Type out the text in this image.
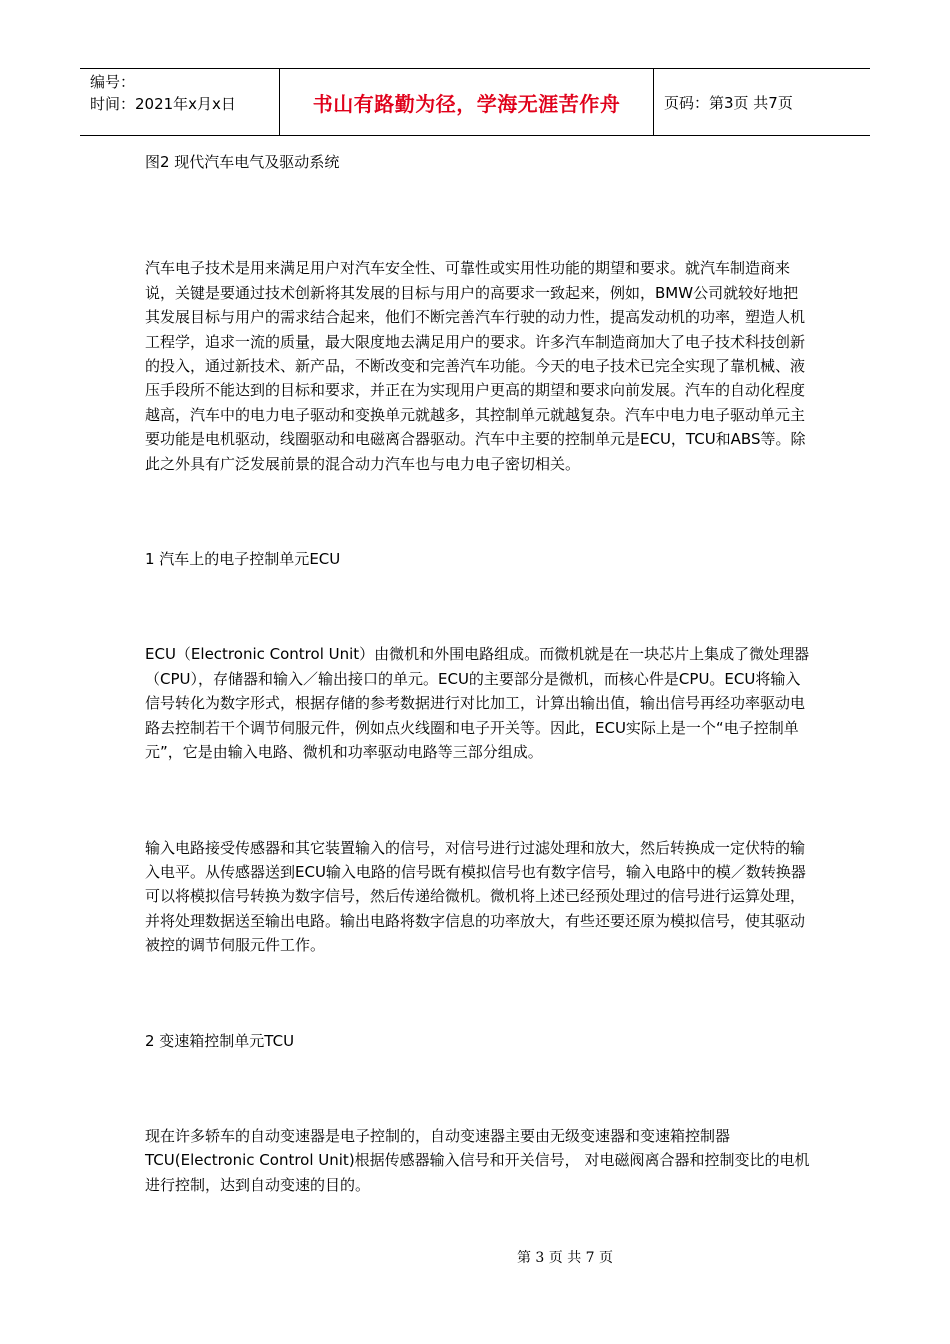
编号：
时间：2021年x月x日	书山有路勤为径，学海无涯苦作舟	页码：第3页 共7页

图2 现代汽车电气及驱动系统

汽车电子技术是用来满足用户对汽车安全性、可靠性或实用性功能的期望和要求。就汽车制造商来说，关键是要通过技术创新将其发展的目标与用户的高要求一致起来，例如，BMW公司就较好地把其发展目标与用户的需求结合起来，他们不断完善汽车行驶的动力性，提高发动机的功率，塑造人机工程学，追求一流的质量，最大限度地去满足用户的要求。许多汽车制造商加大了电子技术科技创新的投入，通过新技术、新产品，不断改变和完善汽车功能。今天的电子技术已完全实现了靠机械、液压手段所不能达到的目标和要求，并正在为实现用户更高的期望和要求向前发展。汽车的自动化程度越高，汽车中的电力电子驱动和变换单元就越多，其控制单元就越复杂。汽车中电力电子驱动单元主要功能是电机驱动，线圈驱动和电磁离合器驱动。汽车中主要的控制单元是ECU，TCU和ABS等。除此之外具有广泛发展前景的混合动力汽车也与电力电子密切相关。

1 汽车上的电子控制单元ECU

ECU（Electronic Control Unit）由微机和外围电路组成。而微机就是在一块芯片上集成了微处理器（CPU），存储器和输入／输出接口的单元。ECU的主要部分是微机，而核心件是CPU。ECU将输入信号转化为数字形式，根据存储的参考数据进行对比加工，计算出输出值，输出信号再经功率驱动电路去控制若干个调节伺服元件，例如点火线圈和电子开关等。因此，ECU实际上是一个“电子控制单元”，它是由输入电路、微机和功率驱动电路等三部分组成。

输入电路接受传感器和其它装置输入的信号，对信号进行过滤处理和放大，然后转换成一定伏特的输入电平。从传感器送到ECU输入电路的信号既有模拟信号也有数字信号，输入电路中的模／数转换器可以将模拟信号转换为数字信号，然后传递给微机。微机将上述已经预处理过的信号进行运算处理，并将处理数据送至输出电路。输出电路将数字信息的功率放大，有些还要还原为模拟信号，使其驱动被控的调节伺服元件工作。

2 变速箱控制单元TCU

现在许多轿车的自动变速器是电子控制的，自动变速器主要由无级变速器和变速箱控制器TCU(Electronic Control Unit)根据传感器输入信号和开关信号， 对电磁阀离合器和控制变比的电机进行控制，达到自动变速的目的。

第 3 页 共 7 页
